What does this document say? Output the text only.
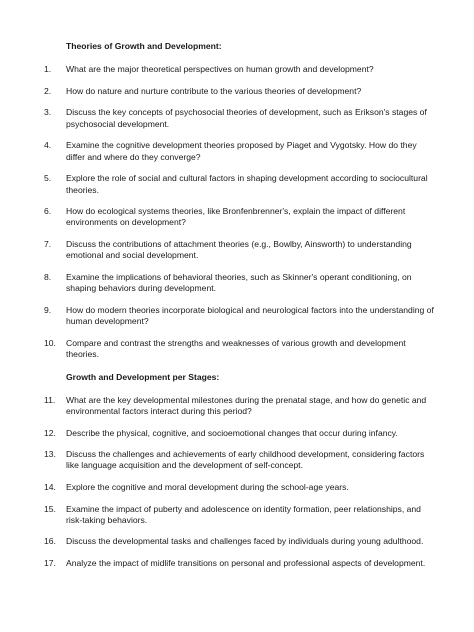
Theories of Growth and Development:

1.	What are the major theoretical perspectives on human growth and development?
2.	How do nature and nurture contribute to the various theories of development?
3.	Discuss the key concepts of psychosocial theories of development, such as Erikson's stages of psychosocial development.
4.	Examine the cognitive development theories proposed by Piaget and Vygotsky. How do they differ and where do they converge?
5.	Explore the role of social and cultural factors in shaping development according to sociocultural theories.
6.	How do ecological systems theories, like Bronfenbrenner's, explain the impact of different environments on development?
7.	Discuss the contributions of attachment theories (e.g., Bowlby, Ainsworth) to understanding emotional and social development.
8.	Examine the implications of behavioral theories, such as Skinner's operant conditioning, on shaping behaviors during development.
9.	How do modern theories incorporate biological and neurological factors into the understanding of human development?
10.	Compare and contrast the strengths and weaknesses of various growth and development theories.

Growth and Development per Stages:

11.	What are the key developmental milestones during the prenatal stage, and how do genetic and environmental factors interact during this period?
12.	Describe the physical, cognitive, and socioemotional changes that occur during infancy.
13.	Discuss the challenges and achievements of early childhood development, considering factors like language acquisition and the development of self-concept.
14.	Explore the cognitive and moral development during the school-age years.
15.	Examine the impact of puberty and adolescence on identity formation, peer relationships, and risk-taking behaviors.
16.	Discuss the developmental tasks and challenges faced by individuals during young adulthood.
17.	Analyze the impact of midlife transitions on personal and professional aspects of development.
